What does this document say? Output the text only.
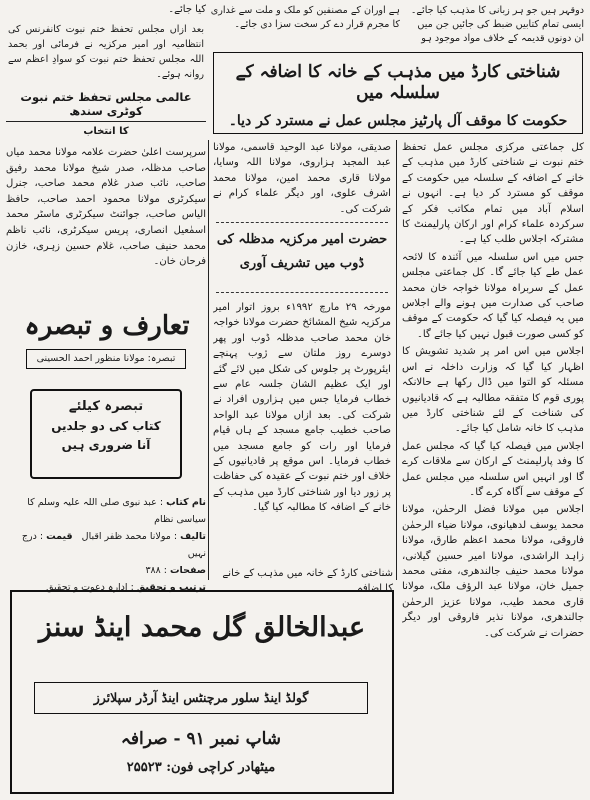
دوقہر ہیں جو ہر زبانی کا مذہب کیا جائے۔ ایسی تمام کتابیں ضبط کی جائیں جن میں ان دونوں قدیمہ کے خلاف مواد موجود ہو
ہے اوران کے مصنفین کو ملک و ملت سے غداری کا مجرم قرار دے کر سخت سزا دی جائے۔
کیا جائے۔
بعد ازاں مجلس تحفظ ختم نبوت کانفرنس کی انتظامیہ اور امیر مرکزیہ نے فرمائی اور بحمد اللہ مجلس تحفظ ختم نبوت کو سوادِ اعظم سے روانہ ہوئے۔	شناختی کارڈ میں مذہب کے خانہ کا اضافہ کے سلسلہ میں
حکومت کا موقف آل پارٹیز مجلس عمل نے مسترد کر دیا۔
عالمی مجلس تحفظ ختم نبوت کوٹری سندھ
کا انتخاب
سرپرست اعلیٰ حضرت علامہ مولانا محمد میاں صاحب مدظلہ، صدر شیخ مولانا محمد رفیق صاحب، نائب صدر غلام محمد صاحب، جنرل سیکرٹری مولانا محمود احمد صاحب، حافظ الیاس صاحب، جوائنٹ سیکرٹری ماسٹر محمد اسمٰعیل انصاری، پریس سیکرٹری، نائب ناظم محمد حنیف صاحب، غلام حسین زہری، خازن فرحان خان۔
تعارف و تبصرہ
تبصرہ: مولانا منظور احمد الحسینی
تبصرہ کیلئے
کتاب کی دو جلدیں
آنا ضروری ہیں
نام کتاب : عبد نبوی صلی اللہ علیہ وسلم کا سیاسی نظام
تالیف : مولانا محمد ظفر اقبال   قیمت : درج نہیں
صفحات : ۳۸۸
ترتیب و تحقیق : ادارہ دعوت و تحقیق

صدیقی، مولانا عبد الوحید قاسمی، مولانا عبد المجید ہزاروی، مولانا اللہ وسایا، مولانا قاری محمد امین، مولانا محمد اشرف علوی، اور دیگر علماء کرام نے شرکت کی۔

حضرت امیر مرکزیہ مدظلہ کی
ڈوب میں تشریف آوری

مورخہ ۲۹ مارچ ۱۹۹۲ء بروز اتوار امیر مرکزیہ شیخ المشائخ حضرت مولانا خواجہ خان محمد صاحب مدظلہ ڈوب اور پھر دوسرے روز ملتان سے ژوب پہنچے ایئرپورٹ پر جلوس کی شکل میں لائے گئے اور ایک عظیم الشان جلسہ عام سے خطاب فرمایا جس میں ہزاروں افراد نے شرکت کی۔ بعد ازاں مولانا عبد الواحد صاحب خطیب جامع مسجد کے ہاں قیام فرمایا اور رات کو جامع مسجد میں خطاب فرمایا۔ اس موقع پر قادیانیوں کے خلاف اور ختم نبوت کے عقیدہ کی حفاظت پر زور دیا اور شناختی کارڈ میں مذہب کے خانے کے اضافہ کا مطالبہ کیا گیا۔

کل جماعتی مرکزی مجلس عمل تحفظ ختم نبوت نے شناختی کارڈ میں مذہب کے خانے کے اضافہ کے سلسلہ میں حکومت کے موقف کو مسترد کر دیا ہے۔ انہوں نے اسلام آباد میں تمام مکاتب فکر کے سرکردہ علماء کرام اور ارکان پارلیمنٹ کا مشترکہ اجلاس طلب کیا ہے۔

جس میں اس سلسلہ میں آئندہ کا لائحہ عمل طے کیا جائے گا۔ کل جماعتی مجلس عمل کے سربراہ مولانا خواجہ خان محمد صاحب کی صدارت میں ہونے والے اجلاس میں یہ فیصلہ کیا گیا کہ حکومت کے موقف کو کسی صورت قبول نہیں کیا جائے گا۔

اجلاس میں اس امر پر شدید تشویش کا اظہار کیا گیا کہ وزارت داخلہ نے اس مسئلہ کو التوا میں ڈال رکھا ہے حالانکہ پوری قوم کا متفقہ مطالبہ ہے کہ قادیانیوں کی شناخت کے لئے شناختی کارڈ میں مذہب کا خانہ شامل کیا جائے۔

اجلاس میں فیصلہ کیا گیا کہ مجلس عمل کا وفد پارلیمنٹ کے ارکان سے ملاقات کرے گا اور انہیں اس سلسلہ میں مجلس عمل کے موقف سے آگاہ کرے گا۔

اجلاس میں مولانا فضل الرحمٰن، مولانا محمد یوسف لدھیانوی، مولانا ضیاء الرحمٰن فاروقی، مولانا محمد اعظم طارق، مولانا زاہد الراشدی، مولانا امیر حسین گیلانی، مولانا محمد حنیف جالندھری، مفتی محمد جمیل خان، مولانا عبد الرؤف ملک، مولانا قاری محمد طیب، مولانا عزیز الرحمٰن جالندھری، مولانا نذیر فاروقی اور دیگر حضرات نے شرکت کی۔

شناختی کارڈ کے خانہ میں مذہب کے خانے کا اضافہ
عبدالخالق گل محمد اینڈ سنز
گولڈ اینڈ سلور مرچنٹس اینڈ آرڈر سپلائرز
شاپ نمبر ۹۱ - صرافہ
میٹھادر کراچی فون: ۲۵۵۲۳
